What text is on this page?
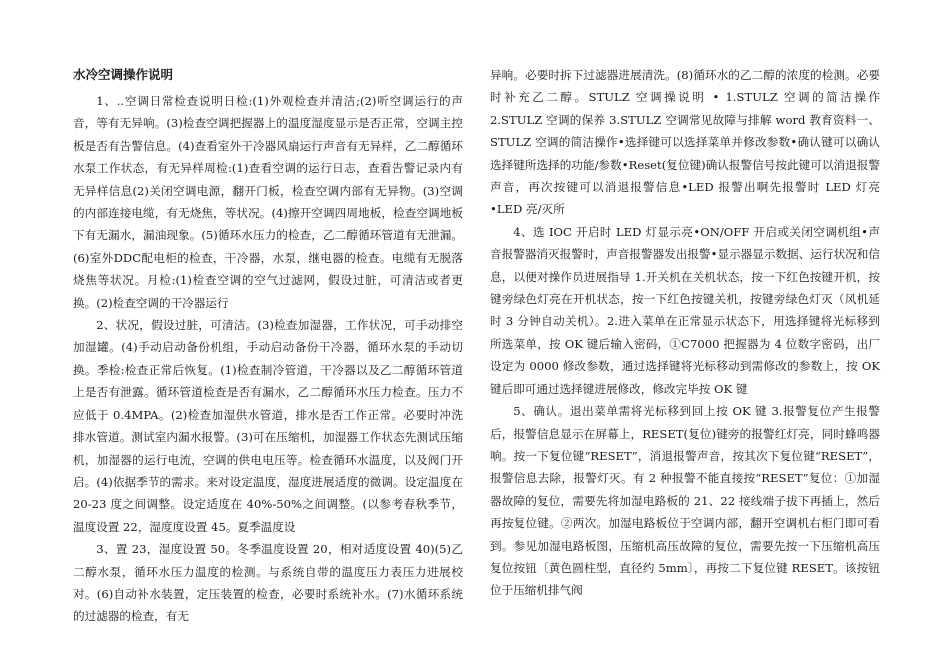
水冷空调操作说明

1、..空调日常检查说明日检:(1)外观检查并清洁;(2)听空调运行的声音，等有无异响。(3)检查空调把握器上的温度湿度显示是否正常，空调主控板是否有告警信息。(4)查看室外干冷器风扇运行声音有无异样，乙二醇循环水泵工作状态，有无异样周检:(1)查看空调的运行日志，查看告警记录内有无异样信息(2)关闭空调电源，翻开门板，检查空调内部有无异物。(3)空调的内部连接电缆，有无烧焦，等状况。(4)擦开空调四周地板，检查空调地板下有无漏水，漏油现象。(5)循环水压力的检查，乙二醇循环管道有无泄漏。(6)室外DDC配电柜的检查，干冷器，水泵，继电器的检查。电缆有无脱落烧焦等状况。月检:(1)检查空调的空气过滤网，假设过脏，可清洁或者更换。(2)检查空调的干冷器运行

2、状况，假设过脏，可清洁。(3)检查加湿器，工作状况，可手动排空加湿罐。(4)手动启动备份机组，手动启动备份干冷器，循环水泵的手动切换。季检:检查正常后恢复。(1)检查制冷管道，干冷器以及乙二醇循环管道上是否有泄露。循环管道检查是否有漏水，乙二醇循环水压力检查。压力不应低于 0.4MPA。(2)检查加湿供水管道，排水是否工作正常。必要时冲洗排水管道。测试室内漏水报警。(3)可在压缩机，加湿器工作状态先测试压缩机，加湿器的运行电流，空调的供电电压等。检查循环水温度，以及阀门开启。(4)依据季节的需求。来对设定温度，湿度进展适度的微调。设定温度在 20-23 度之间调整。设定适度在 40%-50%之间调整。(以参考春秋季节，温度设置 22，湿度度设置 45。夏季温度设

3、置 23，湿度设置 50。冬季温度设置 20，相对适度设置 40)(5)乙二醇水泵，循环水压力温度的检测。与系统自带的温度压力表压力进展校对。(6)自动补水装置，定压装置的检查，必要时系统补水。(7)水循环系统的过滤器的检查，有无

异响。必要时拆下过滤器进展清洗。(8)循环水的乙二醇的浓度的检测。必要时补充乙二醇。STULZ 空调操说明 • 1.STULZ 空调的简洁操作 2.STULZ 空调的保养 3.STULZ 空调常见故障与排解 word 教育资料一、STULZ 空调的简洁操作•选择键可以选择菜单并修改参数•确认键可以确认选择键所选择的功能/参数•Reset(复位键)确认报警信号按此键可以消退报警声音，再次按键可以消退报警信息•LED 报警出啊先报警时 LED 灯亮•LED 亮/灭所

4、选 IOC 开启时 LED 灯显示亮•ON/OFF 开启或关闭空调机组•声音报警器消灭报警时，声音报警器发出报警•显示器显示数据、运行状况和信息，以便对操作员进展指导 1.开关机在关机状态，按一下红色按键开机，按键旁绿色灯亮在开机状态，按一下红色按键关机，按键旁绿色灯灭（风机延时 3 分钟自动关机）。2.进入菜单在正常显示状态下，用选择键将光标移到所选菜单，按 OK 键后输入密码，①C7000 把握器为 4 位数字密码，出厂设定为 0000 修改参数，通过选择键将光标移动到需修改的参数上，按 OK 键后即可通过选择键进展修改，修改完毕按 OK 键

5、确认。退出菜单需将光标移到回上按 OK 键 3.报警复位产生报警后，报警信息显示在屏幕上，RESET(复位)键旁的报警红灯亮，同时蜂鸣器响。按一下复位键“RESET”，消退报警声音，按其次下复位键“RESET”，报警信息去除，报警灯灭。有 2 种报警不能直接按“RESET”复位：①加湿器故障的复位，需要先将加湿电路板的 21、22 接线端子拔下再插上，然后再按复位键。②两次。加湿电路板位于空调内部，翻开空调机右柜门即可看到。参见加湿电路板图，压缩机高压故障的复位，需要先按一下压缩机高压复位按钮〔黄色圆柱型，直径约 5mm〕，再按二下复位键 RESET。该按钮位于压缩机排气阀
